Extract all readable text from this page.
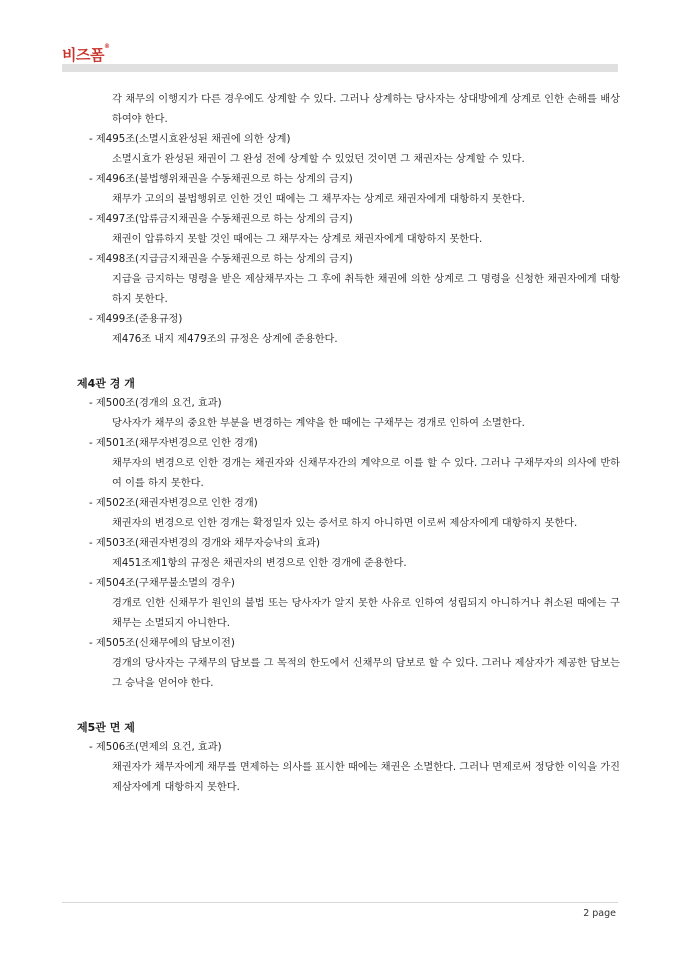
비즈폼®
각 채무의 이행지가 다른 경우에도 상계할 수 있다. 그러나 상계하는 당사자는 상대방에게 상계로 인한 손해를 배상하여야 한다.
- 제495조(소멸시효완성된 채권에 의한 상계)
소멸시효가 완성된 채권이 그 완성 전에 상계할 수 있었던 것이면 그 채권자는 상계할 수 있다.
- 제496조(불법행위채권을 수동채권으로 하는 상계의 금지)
채무가 고의의 불법행위로 인한 것인 때에는 그 채무자는 상계로 채권자에게 대항하지 못한다.
- 제497조(압류금지채권을 수동채권으로 하는 상계의 금지)
채권이 압류하지 못할 것인 때에는 그 채무자는 상계로 채권자에게 대항하지 못한다.
- 제498조(지급금지채권을 수동채권으로 하는 상계의 금지)
지급을 금지하는 명령을 받은 제삼채무자는 그 후에 취득한 채권에 의한 상계로 그 명령을 신청한 채권자에게 대항하지 못한다.
- 제499조(준용규정)
제476조 내지 제479조의 규정은 상계에 준용한다.
제4관 경 개
- 제500조(경개의 요건, 효과)
당사자가 채무의 중요한 부분을 변경하는 계약을 한 때에는 구채무는 경개로 인하여 소멸한다.
- 제501조(채무자변경으로 인한 경개)
채무자의 변경으로 인한 경개는 채권자와 신채무자간의 계약으로 이를 할 수 있다. 그러나 구채무자의 의사에 반하여 이를 하지 못한다.
- 제502조(채권자변경으로 인한 경개)
채권자의 변경으로 인한 경개는 확정일자 있는 증서로 하지 아니하면 이로써 제삼자에게 대항하지 못한다.
- 제503조(채권자변경의 경개와 채무자승낙의 효과)
제451조제1항의 규정은 채권자의 변경으로 인한 경개에 준용한다.
- 제504조(구채무불소멸의 경우)
경개로 인한 신채무가 원인의 불법 또는 당사자가 알지 못한 사유로 인하여 성립되지 아니하거나 취소된 때에는 구채무는 소멸되지 아니한다.
- 제505조(신채무에의 담보이전)
경개의 당사자는 구채무의 담보를 그 목적의 한도에서 신채무의 담보로 할 수 있다. 그러나 제삼자가 제공한 담보는 그 승낙을 얻어야 한다.
제5관 면 제
- 제506조(면제의 요건, 효과)
채권자가 채무자에게 채무를 면제하는 의사를 표시한 때에는 채권은 소멸한다. 그러나 면제로써 정당한 이익을 가진 제삼자에게 대항하지 못한다.
2 page
